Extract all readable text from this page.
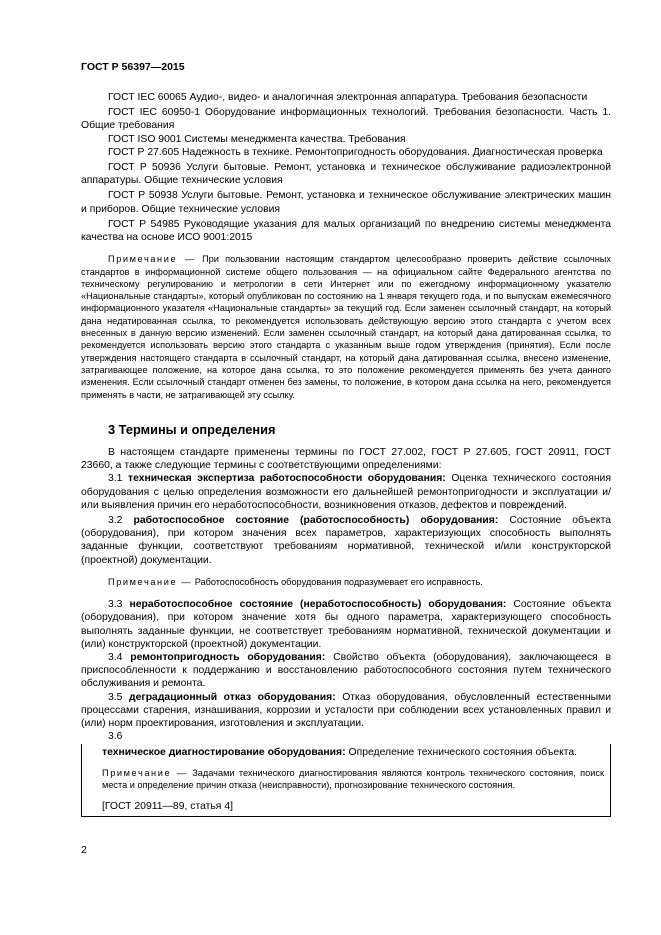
ГОСТ Р 56397—2015

ГОСТ IEC 60065 Аудио-, видео- и аналогичная электронная аппаратура. Требования безопасности

ГОСТ IEC 60950-1 Оборудование информационных технологий. Требования безопасности. Часть 1. Общие требования

ГОСТ ISO 9001 Системы менеджмента качества. Требования

ГОСТ Р 27.605 Надежность в технике. Ремонтопригодность оборудования. Диагностическая проверка

ГОСТ Р 50936 Услуги бытовые. Ремонт, установка и техническое обслуживание радиоэлектронной аппаратуры. Общие технические условия

ГОСТ Р 50938 Услуги бытовые. Ремонт, установка и техническое обслуживание электрических машин и приборов. Общие технические условия

ГОСТ Р 54985 Руководящие указания для малых организаций по внедрению системы менеджмента качества на основе ИСО 9001:2015

Примечание — При пользовании настоящим стандартом целесообразно проверить действие ссылочных стандартов в информационной системе общего пользования — на официальном сайте Федерального агентства по техническому регулированию и метрологии в сети Интернет или по ежегодному информационному указателю «Национальные стандарты», который опубликован по состоянию на 1 января текущего года, и по выпускам ежемесячного информационного указателя «Национальные стандарты» за текущий год. Если заменен ссылочный стандарт, на который дана недатированная ссылка, то рекомендуется использовать действующую версию этого стандарта с учетом всех внесенных в данную версию изменений. Если заменен ссылочный стандарт, на который дана датированная ссылка, то рекомендуется использовать версию этого стандарта с указанным выше годом утверждения (принятия). Если после утверждения настоящего стандарта в ссылочный стандарт, на который дана датированная ссылка, внесено изменение, затрагивающее положение, на которое дана ссылка, то это положение рекомендуется применять без учета данного изменения. Если ссылочный стандарт отменен без замены, то положение, в котором дана ссылка на него, рекомендуется применять в части, не затрагивающей эту ссылку.

3 Термины и определения

В настоящем стандарте применены термины по ГОСТ 27.002, ГОСТ Р 27.605, ГОСТ 20911, ГОСТ 23660, а также следующие термины с соответствующими определениями:

3.1 техническая экспертиза работоспособности оборудования: Оценка технического состояния оборудования с целью определения возможности его дальнейшей ремонтопригодности и эксплуатации и/или выявления причин его неработоспособности, возникновения отказов, дефектов и повреждений.

3.2 работоспособное состояние (работоспособность) оборудования: Состояние объекта (оборудования), при котором значения всех параметров, характеризующих способность выполнять заданные функции, соответствуют требованиям нормативной, технической и/или конструкторской (проектной) документации.

Примечание — Работоспособность оборудования подразумевает его исправность.

3.3 неработоспособное состояние (неработоспособность) оборудования: Состояние объекта (оборудования), при котором значение хотя бы одного параметра, характеризующего способность выполнять заданные функции, не соответствует требованиям нормативной, технической документации и (или) конструкторской (проектной) документации.

3.4 ремонтопригодность оборудования: Свойство объекта (оборудования), заключающееся в приспособленности к поддержанию и восстановлению работоспособного состояния путем технического обслуживания и ремонта.

3.5 деградационный отказ оборудования: Отказ оборудования, обусловленный естественными процессами старения, изнашивания, коррозии и усталости при соблюдении всех установленных правил и (или) норм проектирования, изготовления и эксплуатации.

3.6

техническое диагностирование оборудования: Определение технического состояния объекта.

Примечание — Задачами технического диагностирования являются контроль технического состояния, поиск места и определение причин отказа (неисправности), прогнозирование технического состояния.

[ГОСТ 20911—89, статья 4]

2
